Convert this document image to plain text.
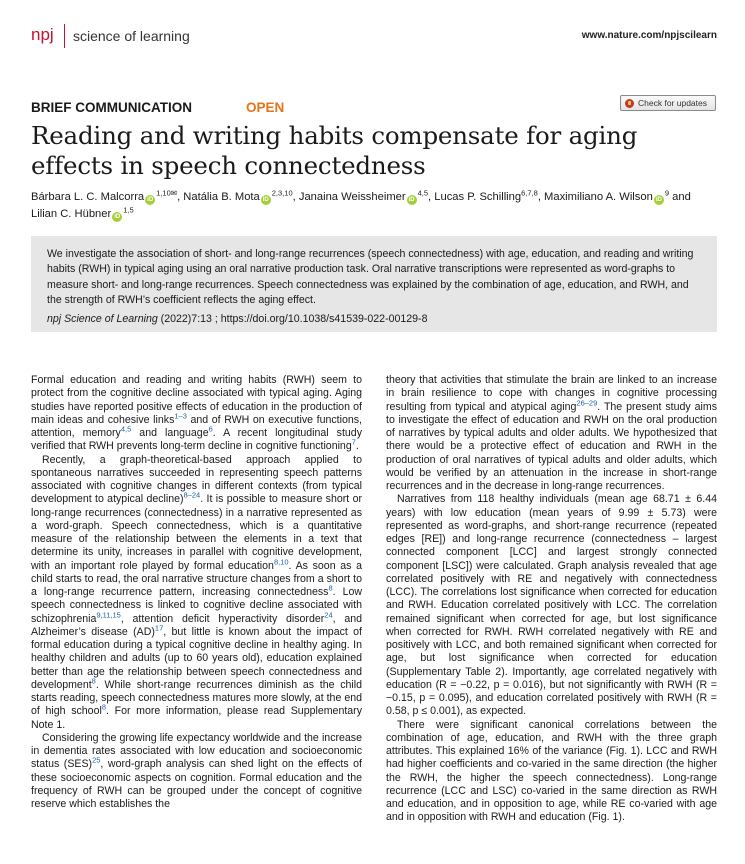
npj science of learning	www.nature.com/npjscilearn
BRIEF COMMUNICATION	OPEN	Check for updates
Reading and writing habits compensate for aging effects in speech connectedness
Bárbara L. C. Malcorra $iD^{1,10✉}$, Natália B. Mota iD$^{2,3,10}$, Janaina Weissheimer iD$^{4,5}$, Lucas P. Schilling$^{6,7,8}$, Maximiliano A. Wilson $iD^9$ and Lilian C. Hübner iD$^{1,5}$

We investigate the association of short- and long-range recurrences (speech connectedness) with age, education, and reading and writing habits (RWH) in typical aging using an oral narrative production task. Oral narrative transcriptions were represented as word-graphs to measure short- and long-range recurrences. Speech connectedness was explained by the combination of age, education, and RWH, and the strength of RWH’s coefficient reflects the aging effect.

npj Science of Learning (2022)7:13 ; https://doi.org/10.1038/s41539-022-00129-8

Formal education and reading and writing habits (RWH) seem to protect from the cognitive decline associated with typical aging. Aging studies have reported positive effects of education in the production of main ideas and cohesive links$^{1-3}$ and of RWH on executive functions, attention, memory$^{4,5}$ and language$^6$. A recent longitudinal study verified that RWH prevents long-term decline in cognitive functioning$^7$.

Recently, a graph-theoretical-based approach applied to spontaneous narratives succeeded in representing speech patterns associated with cognitive changes in different contexts (from typical development to atypical decline)$^{8-24}$. It is possible to measure short or long-range recurrences (connectedness) in a narrative represented as a word-graph. Speech connectedness, which is a quantitative measure of the relationship between the elements in a text that determine its unity, increases in parallel with cognitive development, with an important role played by formal education$^{8,10}$. As soon as a child starts to read, the oral narrative structure changes from a short to a long-range recurrence pattern, increasing connectedness$^8$. Low speech connectedness is linked to cognitive decline associated with schizophrenia$^{9,11,15}$, attention deficit hyperactivity disorder$^{24}$, and Alzheimer’s disease (AD)$^{17}$, but little is known about the impact of formal education during a typical cognitive decline in healthy aging. In healthy children and adults (up to 60 years old), education explained better than age the relationship between speech connectedness and development$^8$. While short-range recurrences diminish as the child starts reading, speech connectedness matures more slowly, at the end of high school$^8$. For more information, please read Supplementary Note 1.

Considering the growing life expectancy worldwide and the increase in dementia rates associated with low education and socioeconomic status (SES)$^{25}$, word-graph analysis can shed light on the effects of these socioeconomic aspects on cognition. Formal education and the frequency of RWH can be grouped under the concept of cognitive reserve which establishes the

theory that activities that stimulate the brain are linked to an increase in brain resilience to cope with changes in cognitive processing resulting from typical and atypical aging$^{26-29}$. The present study aims to investigate the effect of education and RWH on the oral production of narratives by typical adults and older adults. We hypothesized that there would be a protective effect of education and RWH in the production of oral narratives of typical adults and older adults, which would be verified by an attenuation in the increase in short-range recurrences and in the decrease in long-range recurrences.

Narratives from 118 healthy individuals (mean age 68.71 ± 6.44 years) with low education (mean years of 9.99 ± 5.73) were represented as word-graphs, and short-range recurrence (repeated edges [RE]) and long-range recurrence (connectedness – largest connected component [LCC] and largest strongly connected component [LSC]) were calculated. Graph analysis revealed that age correlated positively with RE and negatively with connectedness (LCC). The correlations lost significance when corrected for education and RWH. Education correlated positively with LCC. The correlation remained significant when corrected for age, but lost significance when corrected for RWH. RWH correlated negatively with RE and positively with LCC, and both remained significant when corrected for age, but lost significance when corrected for education (Supplementary Table 2). Importantly, age correlated negatively with education (R = −0.22, p = 0.016), but not significantly with RWH (R = −0.15, p = 0.095), and education correlated positively with RWH (R = 0.58, p ≤ 0.001), as expected.

There were significant canonical correlations between the combination of age, education, and RWH with the three graph attributes. This explained 16% of the variance (Fig. 1). LCC and RWH had higher coefficients and co-varied in the same direction (the higher the RWH, the higher the speech connectedness). Long-range recurrence (LCC and LSC) co-varied in the same direction as RWH and education, and in opposition to age, while RE co-varied with age and in opposition with RWH and education (Fig. 1).
